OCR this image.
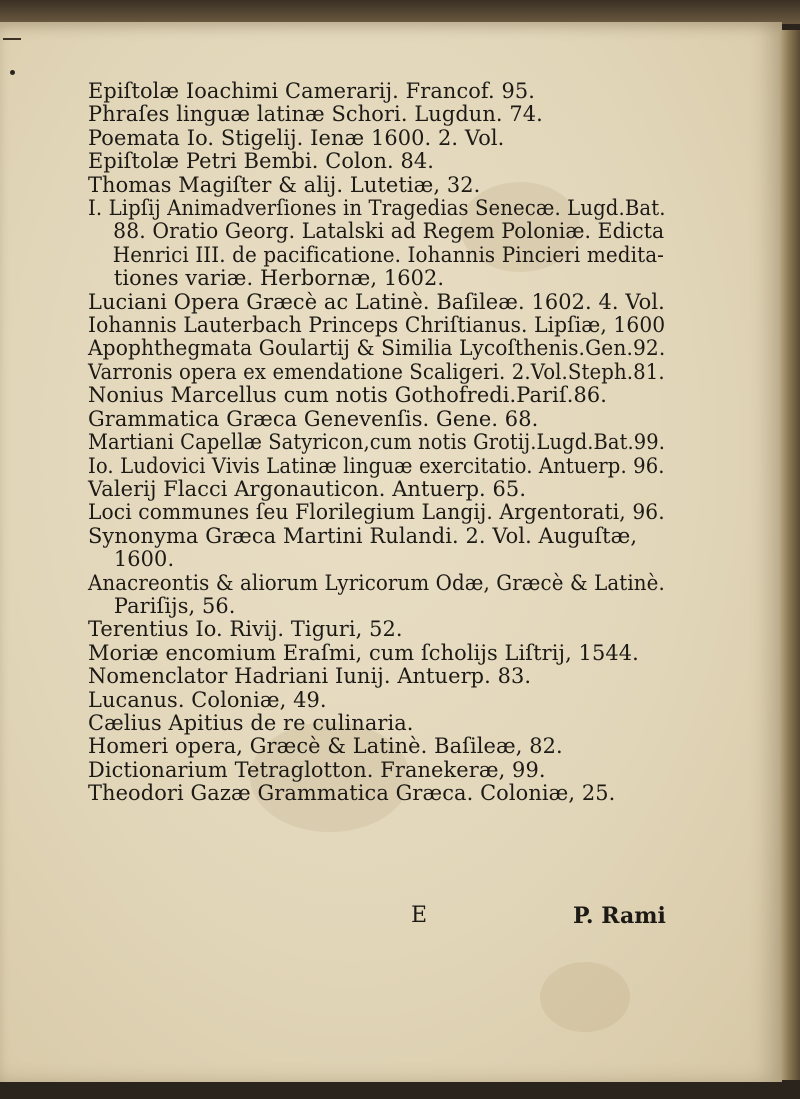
Epiſtolæ Ioachimi Camerarij. Francof. 95.
Phraſes linguæ latinæ Schori. Lugdun. 74.
Poemata Io. Stigelij. Ienæ 1600. 2. Vol.
Epiſtolæ Petri Bembi. Colon. 84.
Thomas Magiſter & alij. Lutetiæ, 32.
I. Lipſij Animadverſiones in Tragedias Senecæ. Lugd.Bat.
88. Oratio Georg. Latalski ad Regem Poloniæ. Edicta
Henrici III. de pacificatione. Iohannis Pincieri medita-
tiones variæ. Herbornæ, 1602.
Luciani Opera Græcè ac Latinè. Baſileæ. 1602. 4. Vol.
Iohannis Lauterbach Princeps Chriſtianus. Lipſiæ, 1600
Apophthegmata Goulartij & Similia Lycoſthenis.Gen.92.
Varronis opera ex emendatione Scaligeri. 2.Vol.Steph.81.
Nonius Marcellus cum notis Gothofredi.Pariſ.86.
Grammatica Græca Genevenſis. Gene. 68.
Martiani Capellæ Satyricon,cum notis Grotij.Lugd.Bat.99.
Io. Ludovici Vivis Latinæ linguæ exercitatio. Antuerp. 96.
Valerij Flacci Argonauticon. Antuerp. 65.
Loci communes ſeu Florilegium Langij. Argentorati, 96.
Synonyma Græca Martini Rulandi. 2. Vol. Auguſtæ,
1600.
Anacreontis & aliorum Lyricorum Odæ, Græcè & Latinè.
Pariſijs, 56.
Terentius Io. Rivij. Tiguri, 52.
Moriæ encomium Eraſmi, cum ſcholijs Liſtrij, 1544.
Nomenclator Hadriani Iunij. Antuerp. 83.
Lucanus. Coloniæ, 49.
Cælius Apitius de re culinaria.
Homeri opera, Græcè & Latinè. Baſileæ, 82.
Dictionarium Tetraglotton. Franekeræ, 99.
Theodori Gazæ Grammatica Græca. Coloniæ, 25.
E	P. Rami
